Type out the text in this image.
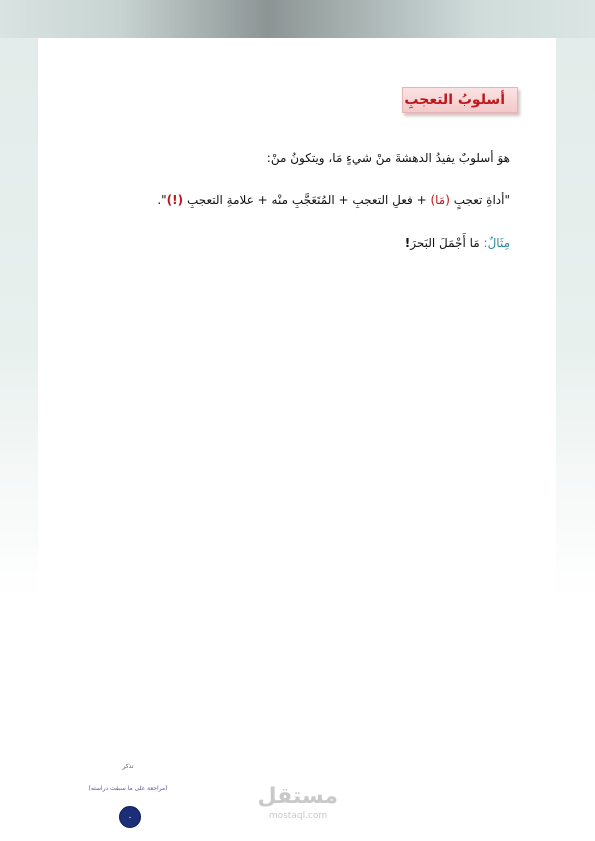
أسلوبُ التعجبِ
هوَ أسلوبٌ يفيدُ الدهشةَ منْ شيءٍ مَا، ويتكونُ منْ:
"أداةِ تعجبٍ (مَا) + فعلِ التعجبِ + المُتَعَجَّبِ منْه + علامةِ التعجبِ (!)".
مِثَالٌ: مَا أَجْمَلَ البَحرَ!
تذكر
(مراجعة على ما سبقت دراسته)
٠
مستقل
mostaql.com
